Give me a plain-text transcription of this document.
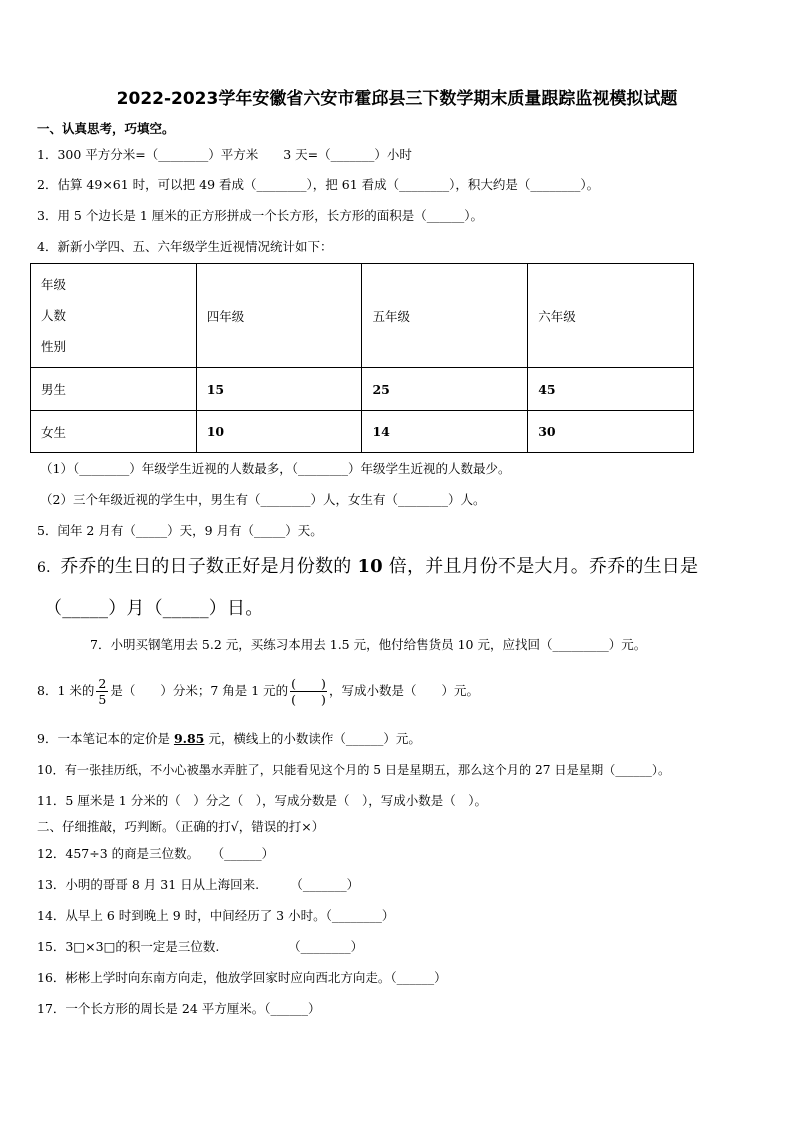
2022-2023学年安徽省六安市霍邱县三下数学期末质量跟踪监视模拟试题
一、认真思考，巧填空。
1．300 平方分米=（________）平方米　　3 天=（_______）小时
2．估算 49×61 时，可以把 49 看成（________），把 61 看成（________），积大约是（________）。
3．用 5 个边长是 1 厘米的正方形拼成一个长方形，长方形的面积是（______）。
4．新新小学四、五、六年级学生近视情况统计如下：
年级
人数
性别	四年级	五年级	六年级
男生	15	25	45
女生	10	14	30
（1）（________）年级学生近视的人数最多，（________）年级学生近视的人数最少。
（2）三个年级近视的学生中，男生有（________）人，女生有（________）人。
5．闰年 2 月有（_____）天，9 月有（_____）天。
6．乔乔的生日的日子数正好是月份数的 10 倍，并且月份不是大月。乔乔的生日是
（_____）月（_____）日。
7．小明买钢笔用去 5.2 元，买练习本用去 1.5 元，他付给售货员 10 元，应找回（_________）元。
8．1 米的 $\frac{2}{5}$ 是（　　）分米；7 角是 1 元的 $\frac{( )}{( )}$ ，写成小数是（　　）元。
9．一本笔记本的定价是 9.85 元，横线上的小数读作（______）元。
10．有一张挂历纸，不小心被墨水弄脏了，只能看见这个月的 5 日是星期五，那么这个月的 27 日是星期（______）。
11．5 厘米是 1 分米的（　）分之（　），写成分数是（　），写成小数是（　）。
二、仔细推敲，巧判断。（正确的打√，错误的打×）
12．457÷3 的商是三位数。　　（______）
13．小明的哥哥 8 月 31 日从上海回来.　　　（_______）
14．从早上 6 时到晚上 9 时，中间经历了 3 小时。（________）
15．3□×3□的积一定是三位数.　　　　　　（________）
16．彬彬上学时向东南方向走，他放学回家时应向西北方向走。（______）
17．一个长方形的周长是 24 平方厘米。（______）
